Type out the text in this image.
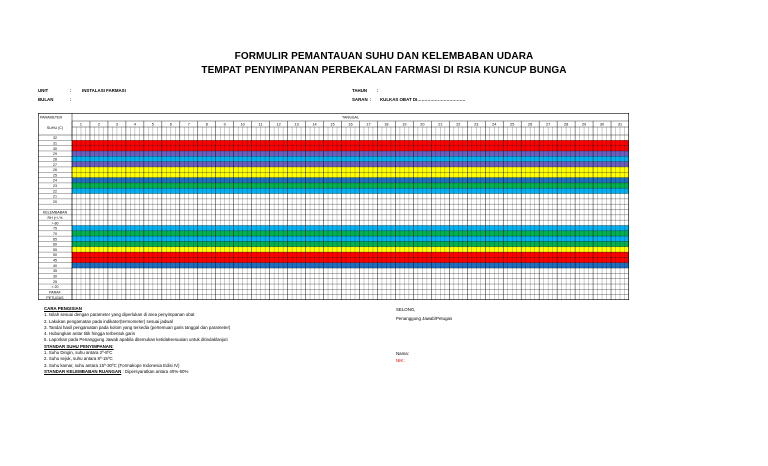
FORMULIR PEMANTAUAN SUHU DAN KELEMBABAN UDARA
TEMPAT PENYIMPANAN PERBEKALAN FARMASI DI RSIA KUNCUP BUNGA
UNIT	: INSTALASI FARMASI
BULAN	:
TAHUN :
SARAN : KULKAS OBAT DI……………………………
PARAMETER	TANGGAL
SUHU (C)
1	2	3	4	5	6	7	8	9	10	11	12	13	14	15	16	17	18	19	20	21	22	23	24	25	26	27	28	29	30	31
32
31
30
29
28
27
26
25
24
23
22
21
20
KELEMBABAN
RH (+/-%
> 80
75
70
65
60
55
50
45
40
35
30
25
< 20
PARAF
PETUGAS
CARA PENGISIAN
1. Isilah sesuai dengan parameter yang diperlukan di area penyimpanan obat
2. Lakukan pengamatan pada indikator(termometer) sesuai jadwal
3. Tandai hasil pengamatan pada kolom yang tersedia (pertemuan garis tanggal dan parameter)
4. Hubungkan antar titik hingga terbentuk garis
5. Laporkan pada Penanggung Jawab apabila ditemukan ketidaksesuaian untuk ditindaklanjuti
STANDAR SUHU PENYIMPANAN:
1. Suhu Dingin, suhu antara 2º-8ºC
2. Suhu sejuk, suhu antara 8º-15ºC
3. Suhu kamar, suhu antara 15º-30ºC (Formakope Indonesia Edisi IV)
STANDAR KELEMBABAN RUANGAN : Dipersyaratkan antara 40%-60%
SELONG,
Penanggung Jawab/Petugas
Nama:
NIK:
